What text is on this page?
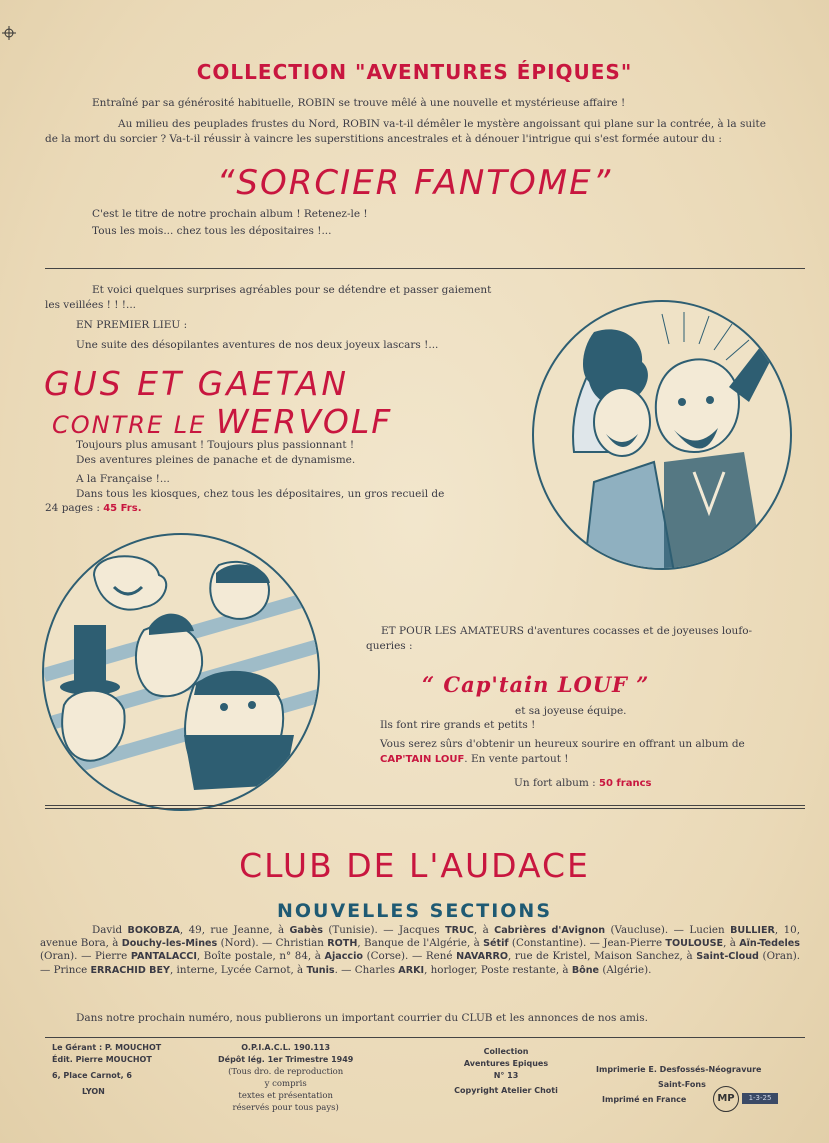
COLLECTION "AVENTURES ÉPIQUES"
Entraîné par sa générosité habituelle, ROBIN se trouve mêlé à une nouvelle et mystérieuse affaire !
Au milieu des peuplades frustes du Nord, ROBIN va-t-il démêler le mystère angoissant qui plane sur la contrée, à la suite
de la mort du sorcier ? Va-t-il réussir à vaincre les superstitions ancestrales et à dénouer l'intrigue qui s'est formée autour du :
“SORCIER FANTOME”
C'est le titre de notre prochain album ! Retenez-le !
Tous les mois... chez tous les dépositaires !...
Et voici quelques surprises agréables pour se détendre et passer gaiement
les veillées ! ! !...
EN PREMIER LIEU :
Une suite des désopilantes aventures de nos deux joyeux lascars !...
GUS ET GAETAN
CONTRE LE WERVOLF
Toujours plus amusant ! Toujours plus passionnant !
Des aventures pleines de panache et de dynamisme.
A la Française !...
Dans tous les kiosques, chez tous les dépositaires, un gros recueil de
24 pages : 45 Frs.
ET POUR LES AMATEURS d'aventures cocasses et de joyeuses loufo-
queries :
“ Cap'tain LOUF ”
et sa joyeuse équipe.
Ils font rire grands et petits !
Vous serez sûrs d'obtenir un heureux sourire en offrant un album de
CAP'TAIN LOUF. En vente partout !
Un fort album : 50 francs
CLUB DE L'AUDACE
NOUVELLES SECTIONS
David BOKOBZA, 49, rue Jeanne, à Gabès (Tunisie). — Jacques TRUC, à Cabrières d'Avignon (Vaucluse). — Lucien BULLIER, 10, avenue Bora, à Douchy-les-Mines (Nord). — Christian ROTH, Banque de l'Algérie, à Sétif (Constantine). — Jean-Pierre TOULOUSE, à Aïn-Tedeles (Oran). — Pierre PANTALACCI, Boîte postale, n° 84, à Ajaccio (Corse). — René NAVARRO, rue de Kristel, Maison Sanchez, à Saint-Cloud (Oran). — Prince ERRACHID BEY, interne, Lycée Carnot, à Tunis. — Charles ARKI, horloger, Poste restante, à Bône (Algérie).
Dans notre prochain numéro, nous publierons un important courrier du CLUB et les annonces de nos amis.
Le Gérant : P. MOUCHOT
Édit. Pierre MOUCHOT
6, Place Carnot, 6
LYON
O.P.I.A.C.L. 190.113
Dépôt lég. 1er Trimestre 1949
(Tous dro. de reproduction
y compris
textes et présentation
réservés pour tous pays)
Collection
Aventures Epiques
N° 13
Copyright Atelier Choti
Imprimerie E. Desfossés-Néogravure
Saint-Fons
Imprimé en France	MP	1-3-25
